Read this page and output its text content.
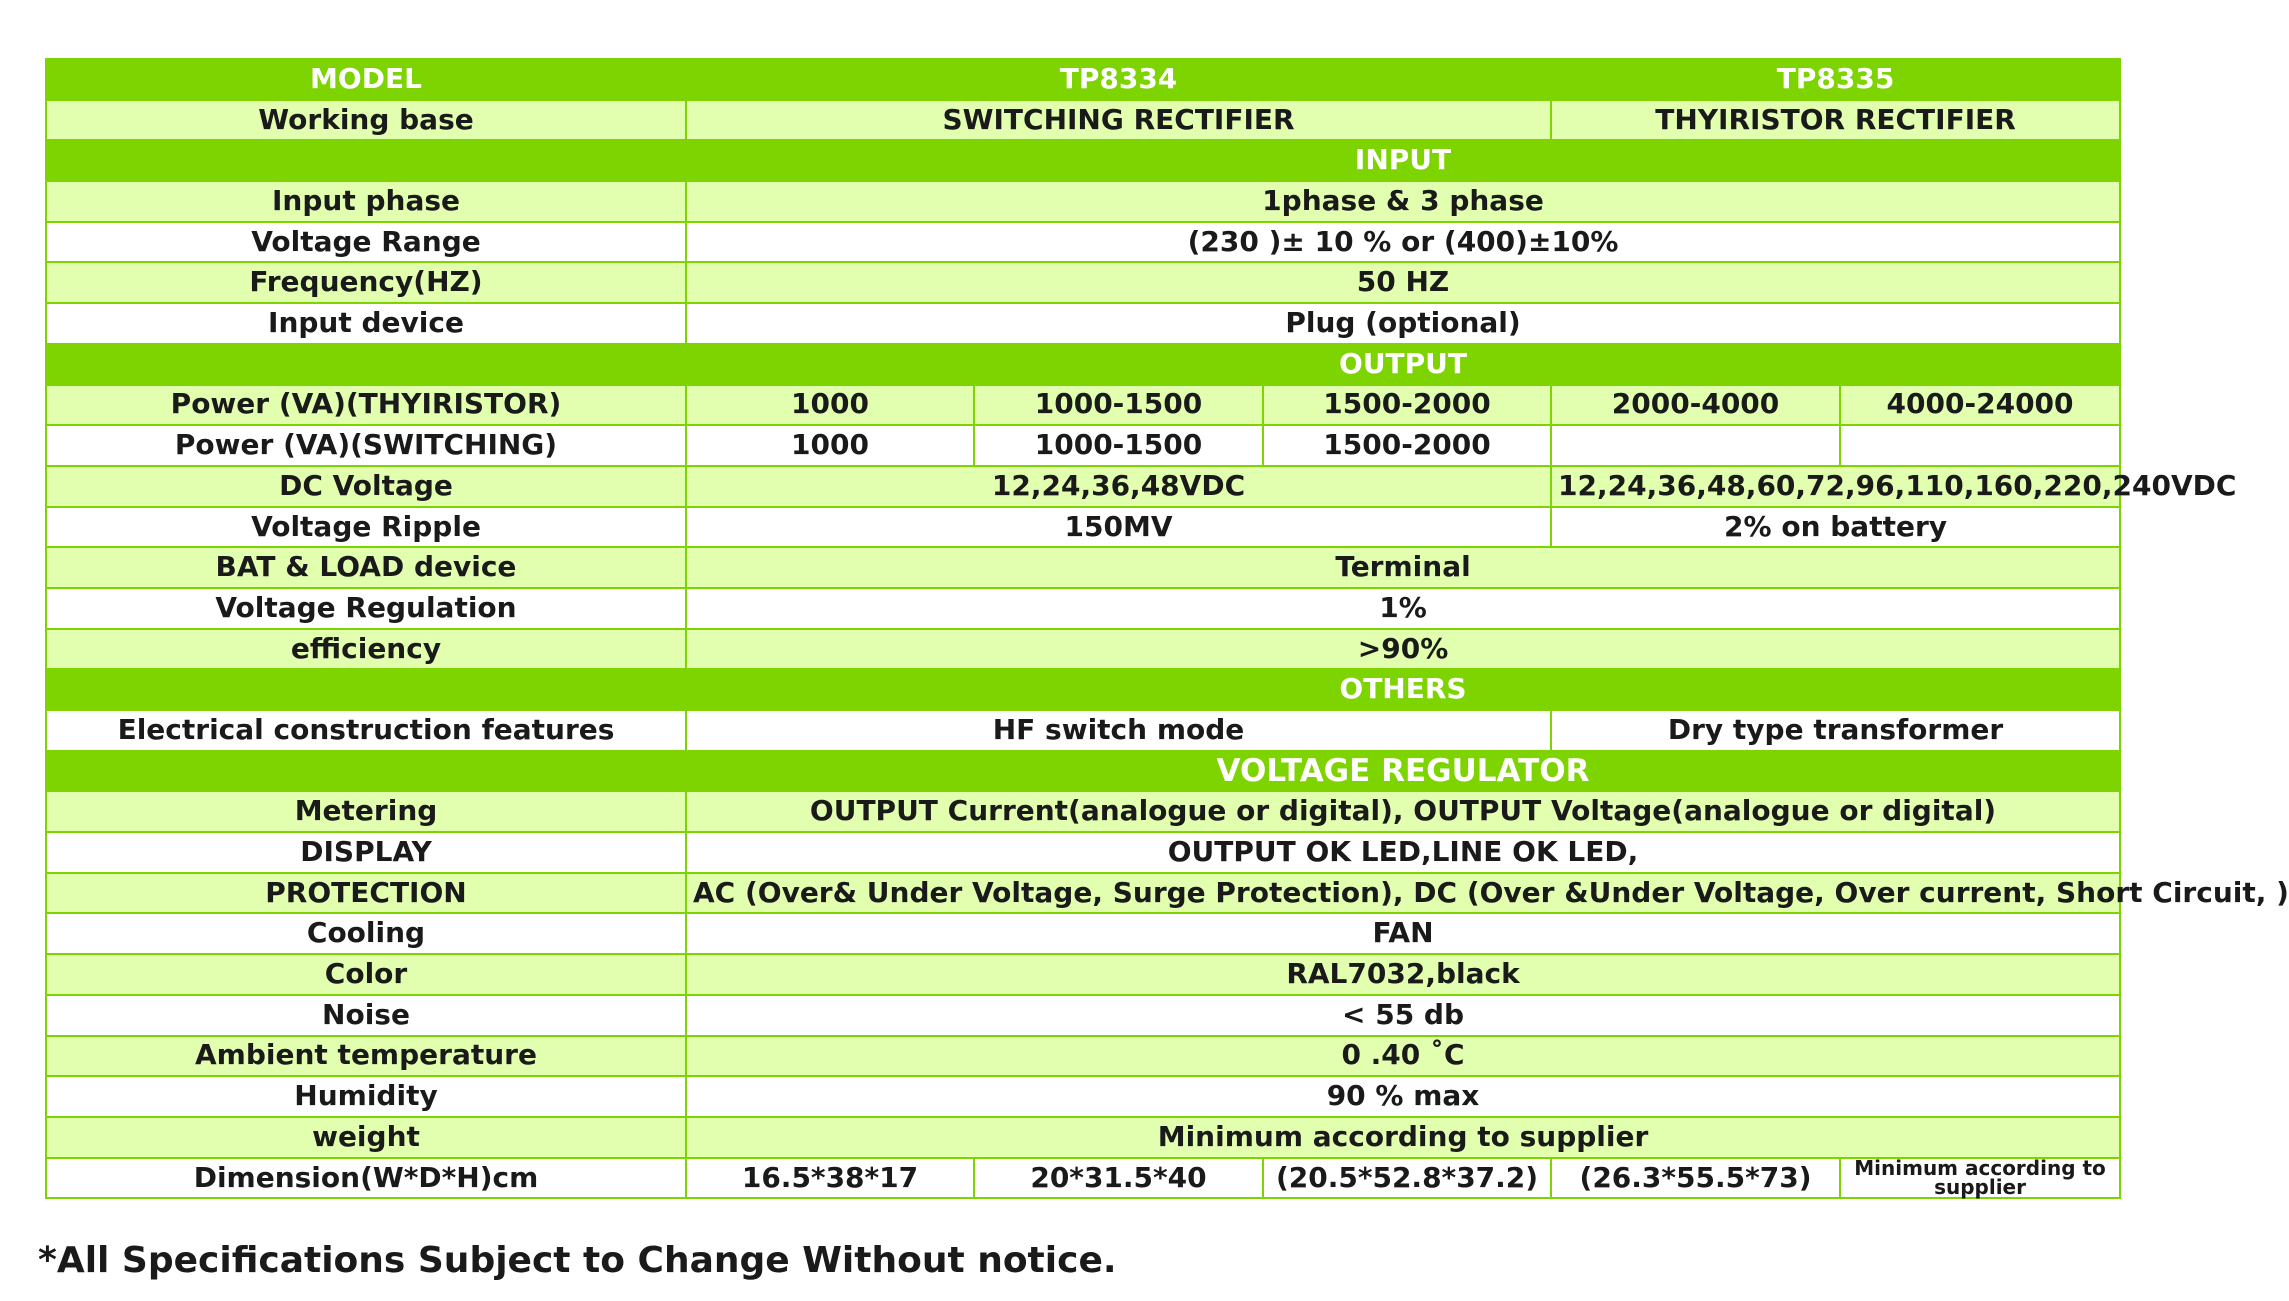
MODEL	TP8334			TP8335	
Working base	SWITCHING RECTIFIER			THYIRISTOR RECTIFIER	
	INPUT				
Input phase	1phase & 3 phase				
Voltage Range	(230 )± 10 % or (400)±10%				
Frequency(HZ)	50 HZ				
Input device	Plug (optional)				
	OUTPUT				
Power (VA)(THYIRISTOR)	1000	1000-1500	1500-2000	2000-4000	4000-24000
Power (VA)(SWITCHING)	1000	1000-1500	1500-2000		
DC Voltage	12,24,36,48VDC			12,24,36,48,60,72,96,110,160,220,240VDC	
Voltage Ripple	150MV			2% on battery	
BAT & LOAD device	Terminal				
Voltage Regulation	1%				
efficiency	>90%				
	OTHERS				
Electrical construction features	HF switch mode			Dry type transformer	
	VOLTAGE REGULATOR				
Metering	OUTPUT Current(analogue or digital), OUTPUT Voltage(analogue or digital)				
DISPLAY	OUTPUT OK LED,LINE OK LED,				
PROTECTION	AC (Over& Under Voltage, Surge Protection), DC (Over &Under Voltage, Over current, Short Circuit, )				
Cooling	FAN				
Color	RAL7032,black				
Noise	< 55 db				
Ambient temperature	0 .40 ˚C				
Humidity	90 % max				
weight	Minimum according to supplier				
Dimension(W*D*H)cm	16.5*38*17	20*31.5*40	(20.5*52.8*37.2)	(26.3*55.5*73)	Minimum according to supplier
*All Specifications Subject to Change Without notice.
